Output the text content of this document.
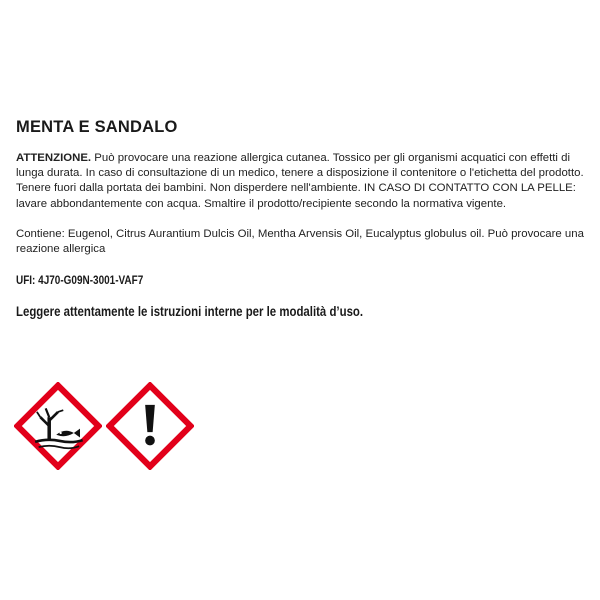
MENTA E SANDALO

ATTENZIONE. Può provocare una reazione allergica cutanea. Tossico per gli organismi acquatici con effetti di lunga durata. In caso di consultazione di un medico, tenere a disposizione il contenitore o l'etichetta del prodotto. Tenere fuori dalla portata dei bambini. Non disperdere nell'ambiente. IN CASO DI CONTATTO CON LA PELLE: lavare abbondantemente con acqua. Smaltire il prodotto/recipiente secondo la normativa vigente.

Contiene: Eugenol, Citrus Aurantium Dulcis Oil, Mentha Arvensis Oil, Eucalyptus globulus oil. Può provocare una reazione allergica

UFI: 4J70-G09N-3001-VAF7

Leggere attentamente le istruzioni interne per le modalità d’uso.
